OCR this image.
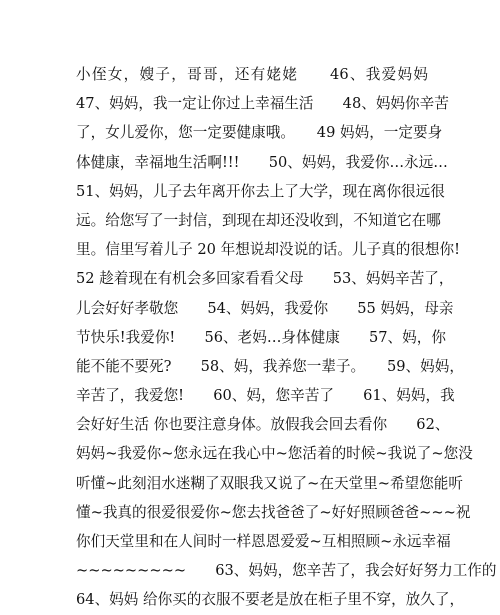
小侄女，嫂子，哥哥，还有姥姥　　46、我爱妈妈
47、妈妈，我一定让你过上幸福生活　　48、妈妈你辛苦
了，女儿爱你，您一定要健康哦。　　49 妈妈，一定要身
体健康，幸福地生活啊!!!　　50、妈妈，我爱你…永远…
51、妈妈，儿子去年离开你去上了大学，现在离你很远很
远。给您写了一封信，到现在却还没收到，不知道它在哪
里。信里写着儿子 20 年想说却没说的话。儿子真的很想你!
52 趁着现在有机会多回家看看父母　　53、妈妈辛苦了，
儿会好好孝敬您　　54、妈妈，我爱你　　55 妈妈，母亲
节快乐!我爱你!　　56、老妈…身体健康　　57、妈，你
能不能不要死?　　58、妈，我养您一辈子。　　59、妈妈，
辛苦了，我爱您!　　60、妈，您辛苦了　　61、妈妈，我
会好好生活 你也要注意身体。放假我会回去看你　　62、
妈妈~我爱你~您永远在我心中~您活着的时候~我说了~您没
听懂~此刻泪水迷糊了双眼我又说了~在天堂里~希望您能听
懂~我真的很爱很爱你~您去找爸爸了~好好照顾爸爸~~~祝
你们天堂里和在人间时一样恩恩爱爱~互相照顾~永远幸福
~~~~~~~~~　　63、妈妈，您辛苦了，我会好好努力工作的
64、妈妈 给你买的衣服不要老是放在柜子里不穿，放久了，
